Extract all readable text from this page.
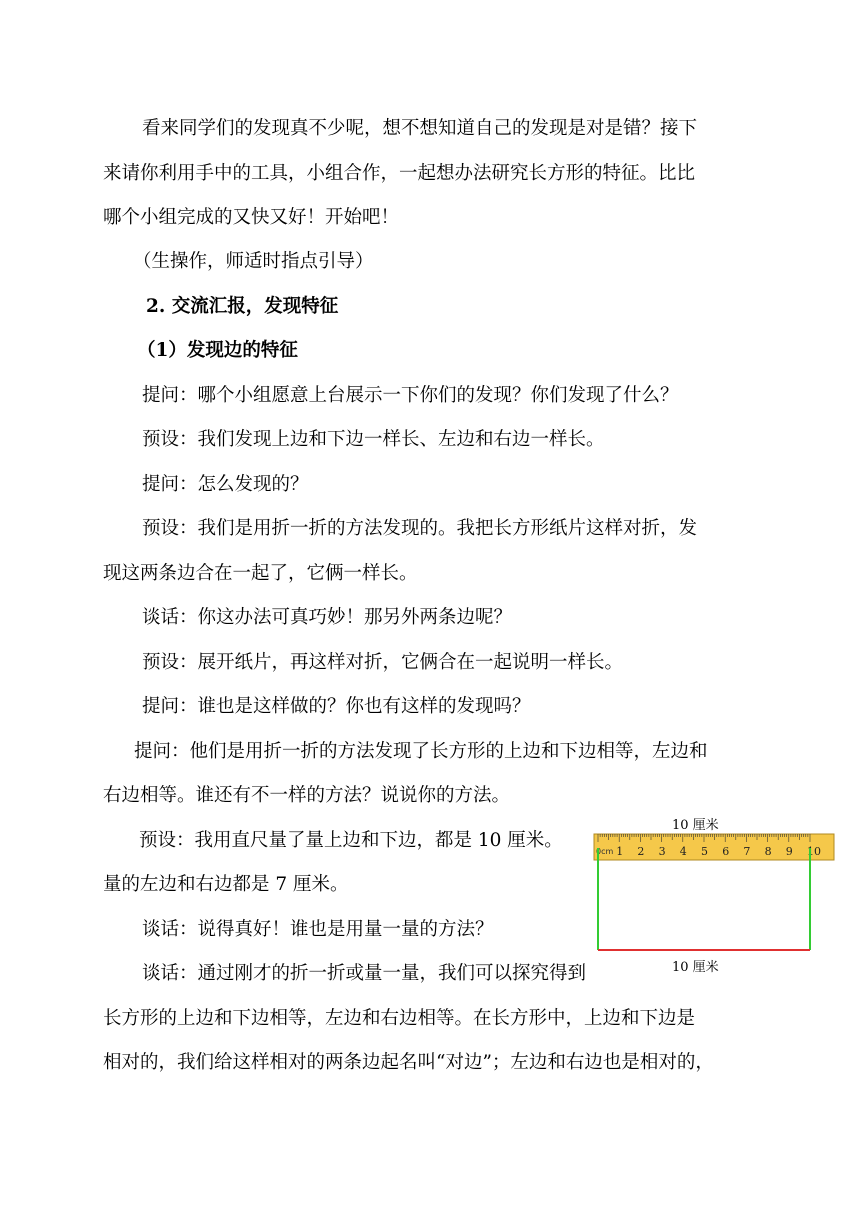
看来同学们的发现真不少呢，想不想知道自己的发现是对是错？接下
来请你利用手中的工具，小组合作，一起想办法研究长方形的特征。比比
哪个小组完成的又快又好！开始吧！
（生操作，师适时指点引导）
2. 交流汇报，发现特征
（1）发现边的特征
提问：哪个小组愿意上台展示一下你们的发现？你们发现了什么？
预设：我们发现上边和下边一样长、左边和右边一样长。
提问：怎么发现的？
预设：我们是用折一折的方法发现的。我把长方形纸片这样对折，发
现这两条边合在一起了，它俩一样长。
谈话：你这办法可真巧妙！那另外两条边呢？
预设：展开纸片，再这样对折，它俩合在一起说明一样长。
提问：谁也是这样做的？你也有这样的发现吗？
提问：他们是用折一折的方法发现了长方形的上边和下边相等，左边和
右边相等。谁还有不一样的方法？说说你的方法。
预设：我用直尺量了量上边和下边，都是 10 厘米。
量的左边和右边都是 7 厘米。
谈话：说得真好！谁也是用量一量的方法？
谈话：通过刚才的折一折或量一量，我们可以探究得到
长方形的上边和下边相等，左边和右边相等。在长方形中，上边和下边是
相对的，我们给这样相对的两条边起名叫“对边”；左边和右边也是相对的，
10 厘米
0cm 1 2 3 4 5 6 7 8 9 10
10 厘米
